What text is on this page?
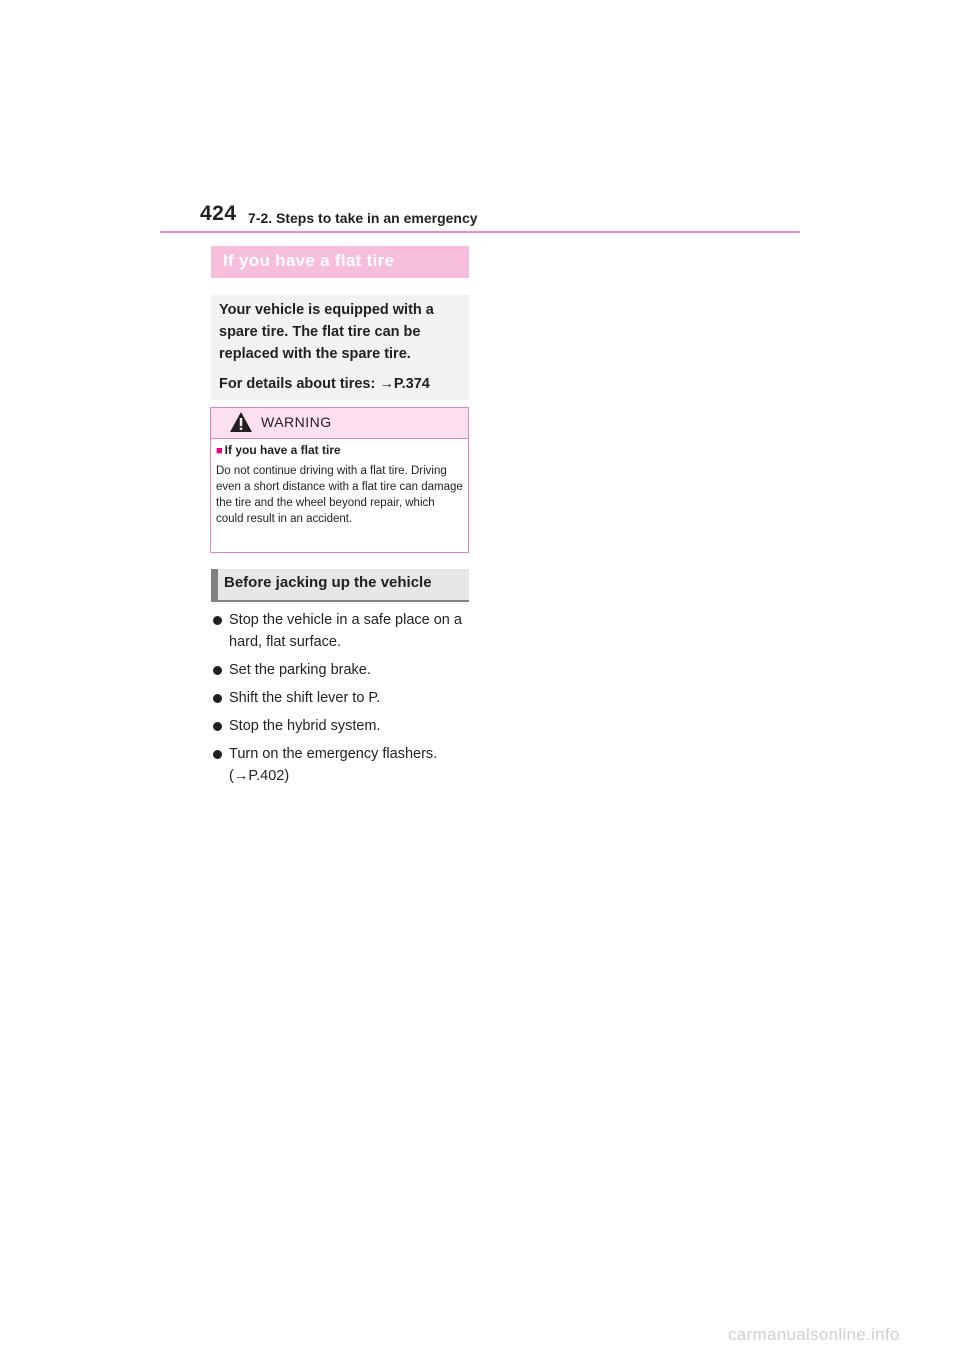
424 7-2. Steps to take in an emergency
If you have a flat tire
Your vehicle is equipped with a spare tire. The flat tire can be replaced with the spare tire.
For details about tires: →P.374
WARNING
■ If you have a flat tire
Do not continue driving with a flat tire. Driving even a short distance with a flat tire can damage the tire and the wheel beyond repair, which could result in an accident.
Before jacking up the vehicle
Stop the vehicle in a safe place on a hard, flat surface.
Set the parking brake.
Shift the shift lever to P.
Stop the hybrid system.
Turn on the emergency flashers. (→P.402)
carmanualsonline.info
